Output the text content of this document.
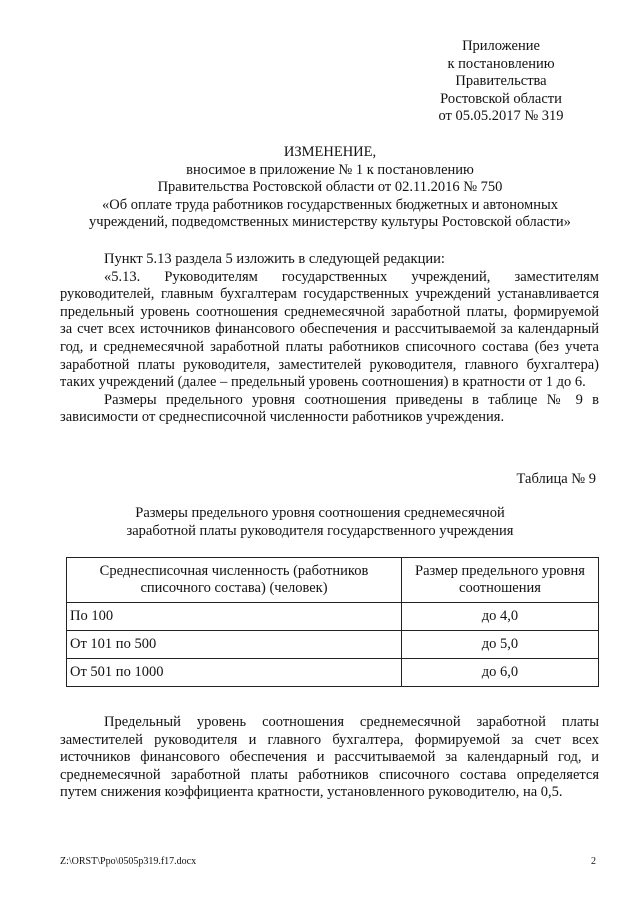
Приложение
к постановлению
Правительства
Ростовской области
от 05.05.2017 № 319
ИЗМЕНЕНИЕ,
вносимое в приложение № 1 к постановлению
Правительства Ростовской области от 02.11.2016 № 750
«Об оплате труда работников государственных бюджетных и автономных
учреждений, подведомственных министерству культуры Ростовской области»

Пункт 5.13 раздела 5 изложить в следующей редакции:

«5.13. Руководителям государственных учреждений, заместителям руководителей, главным бухгалтерам государственных учреждений устанавливается предельный уровень соотношения среднемесячной заработной платы, формируемой за счет всех источников финансового обеспечения и рассчитываемой за календарный год, и среднемесячной заработной платы работников списочного состава (без учета заработной платы руководителя, заместителей руководителя, главного бухгалтера) таких учреждений (далее – предельный уровень соотношения) в кратности от 1 до 6.

Размеры предельного уровня соотношения приведены в таблице № 9 в зависимости от среднесписочной численности работников учреждения.

Таблица № 9
Размеры предельного уровня соотношения среднемесячной
заработной платы руководителя государственного учреждения
Среднесписочная численность (работников списочного состава) (человек)	Размер предельного уровня соотношения
По 100	до 4,0
От 101 по 500	до 5,0
От 501 по 1000	до 6,0

Предельный уровень соотношения среднемесячной заработной платы заместителей руководителя и главного бухгалтера, формируемой за счет всех источников финансового обеспечения и рассчитываемой за календарный год, и среднемесячной заработной платы работников списочного состава определяется путем снижения коэффициента кратности, установленного руководителю, на 0,5.

Z:\ORST\Ppo\0505p319.f17.docx	2
